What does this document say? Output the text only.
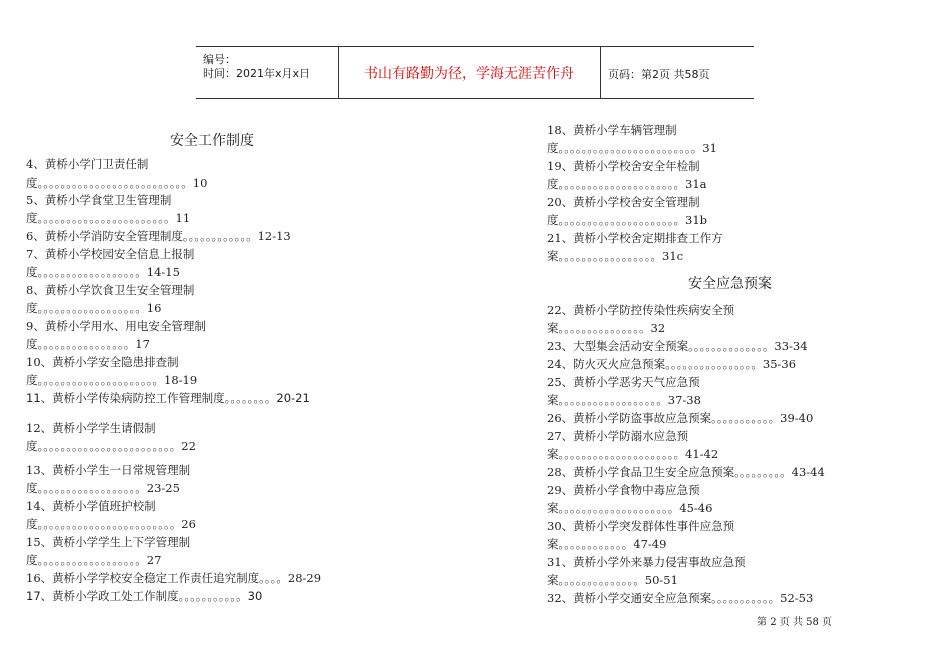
编号：
时间：2021年x月x日	书山有路勤为径，学海无涯苦作舟	页码：第2页 共58页
安全工作制度
4、黄桥小学门卫责任制
度。。。。。。。。。。。。。。。。。。。。。。。。。。10
5、黄桥小学食堂卫生管理制
度。。。。。。。。。。。。。。。。。。。。。。。11
6、黄桥小学消防安全管理制度。。。。。。。。。。。。12-13
7、黄桥小学校园安全信息上报制
度。。。。。。。。。。。。。。。。。。14-15
8、黄桥小学饮食卫生安全管理制
度。。。。。。。。。。。。。。。。。。16
9、黄桥小学用水、用电安全管理制
度。。。。。。。。。。。。。。。。17
10、黄桥小学安全隐患排查制
度。。。。。。。。。。。。。。。。。。。。。18-19
11、黄桥小学传染病防控工作管理制度。。。。。。。。20-21
12、黄桥小学学生请假制
度。。。。。。。。。。。。。。。。。。。。。。。。22
13、黄桥小学生一日常规管理制
度。。。。。。。。。。。。。。。。。。23-25
14、黄桥小学值班护校制
度。。。。。。。。。。。。。。。。。。。。。。。。26
15、黄桥小学学生上下学管理制
度。。。。。。。。。。。。。。。。。。27
16、黄桥小学学校安全稳定工作责任追究制度。。。。28-29
17、黄桥小学政工处工作制度。。。。。。。。。。。30
18、黄桥小学车辆管理制
度。。。。。。。。。。。。。。。。。。。。。。。。31
19、黄桥小学校舍安全年检制
度。。。。。。。。。。。。。。。。。。。。。31a
20、黄桥小学校舍安全管理制
度。。。。。。。。。。。。。。。。。。。。。31b
21、黄桥小学校舍定期排查工作方
案。。。。。。。。。。。。。。。。。31c
安全应急预案
22、黄桥小学防控传染性疾病安全预
案。。。。。。。。。。。。。。。32
23、大型集会活动安全预案。。。。。。。。。。。。。。33-34
24、防火灭火应急预案。。。。。。。。。。。。。。。。35-36
25、黄桥小学恶劣天气应急预
案。。。。。。。。。。。。。。。。。。37-38
26、黄桥小学防盗事故应急预案。。。。。。。。。。。39-40
27、黄桥小学防溺水应急预
案。。。。。。。。。。。。。。。。。。。。。41-42
28、黄桥小学食品卫生安全应急预案。。。。。。。。。43-44
29、黄桥小学食物中毒应急预
案。。。。。。。。。。。。。。。。。。。。45-46
30、黄桥小学突发群体性事件应急预
案。。。。。。。。。。。。47-49
31、黄桥小学外来暴力侵害事故应急预
案。。。。。。。。。。。。。。50-51
32、黄桥小学交通安全应急预案。。。。。。。。。。。52-53
第 2 页 共 58 页
